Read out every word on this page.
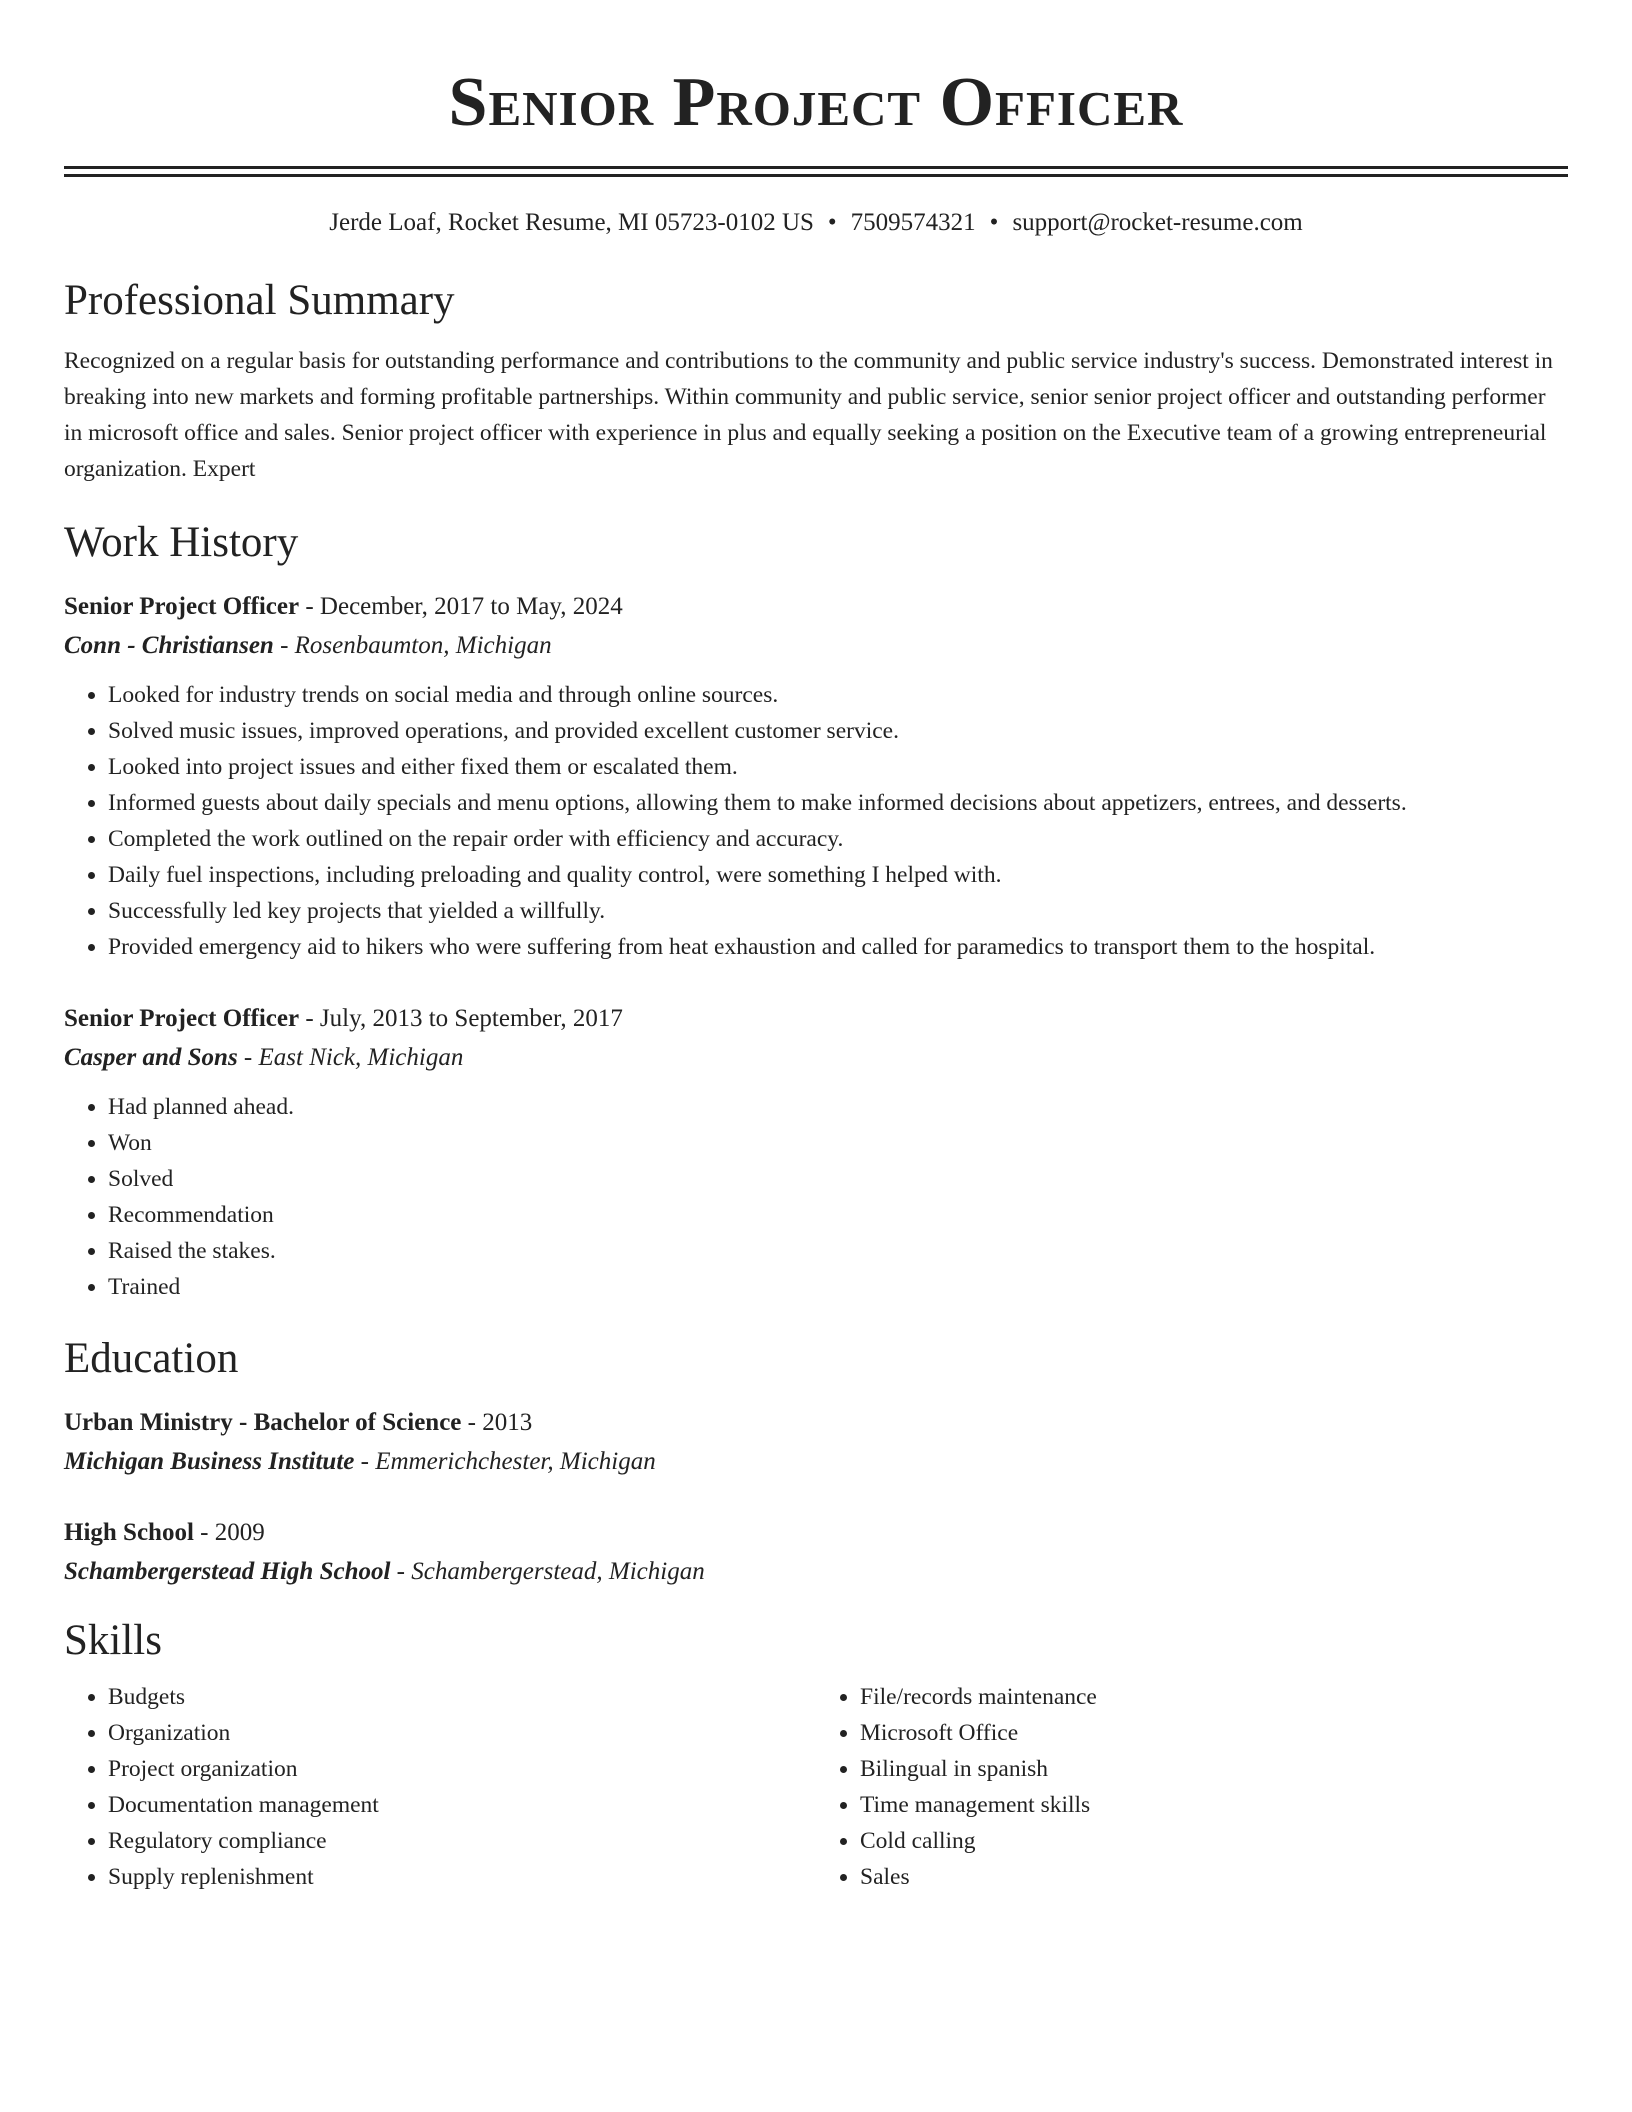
Senior Project Officer
Jerde Loaf, Rocket Resume, MI 05723-0102 US • 7509574321 • support@rocket-resume.com
Professional Summary

Recognized on a regular basis for outstanding performance and contributions to the community and public service industry's success. Demonstrated interest in breaking into new markets and forming profitable partnerships. Within community and public service, senior senior project officer and outstanding performer in microsoft office and sales. Senior project officer with experience in plus and equally seeking a position on the Executive team of a growing entrepreneurial organization. Expert

Work History
Senior Project Officer - December, 2017 to May, 2024
Conn - Christiansen - Rosenbaumton, Michigan
• Looked for industry trends on social media and through online sources.
• Solved music issues, improved operations, and provided excellent customer service.
• Looked into project issues and either fixed them or escalated them.
• Informed guests about daily specials and menu options, allowing them to make informed decisions about appetizers, entrees, and desserts.
• Completed the work outlined on the repair order with efficiency and accuracy.
• Daily fuel inspections, including preloading and quality control, were something I helped with.
• Successfully led key projects that yielded a willfully.
• Provided emergency aid to hikers who were suffering from heat exhaustion and called for paramedics to transport them to the hospital.
Senior Project Officer - July, 2013 to September, 2017
Casper and Sons - East Nick, Michigan
• Had planned ahead.
• Won
• Solved
• Recommendation
• Raised the stakes.
• Trained
Education
Urban Ministry - Bachelor of Science - 2013
Michigan Business Institute - Emmerichchester, Michigan
High School - 2009
Schambergerstead High School - Schambergerstead, Michigan
Skills
• Budgets
• Organization
• Project organization
• Documentation management
• Regulatory compliance
• Supply replenishment
• File/records maintenance
• Microsoft Office
• Bilingual in spanish
• Time management skills
• Cold calling
• Sales
